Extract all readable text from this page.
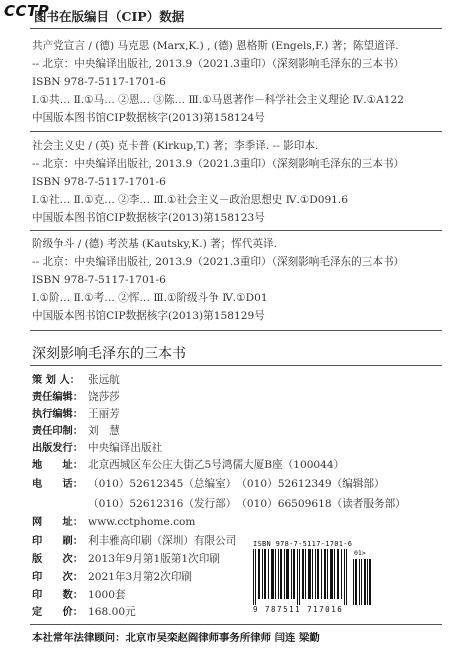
CCTP
图书在版编目（CIP）数据
共产党宣言 / (德) 马克思 (Marx,K.) , (德) 恩格斯 (Engels,F.) 著；陈望道译.
-- 北京：中央编译出版社, 2013.9（2021.3重印）（深刻影响毛泽东的三本书）
ISBN 978-7-5117-1701-6
Ⅰ.①共… Ⅱ.①马… ②恩… ③陈… Ⅲ.①马恩著作－科学社会主义理论 Ⅳ.①A122
中国版本图书馆CIP数据核字(2013)第158124号
社会主义史 / (英) 克卡普 (Kirkup,T.) 著；李季译. -- 影印本.
-- 北京：中央编译出版社, 2013.9（2021.3重印）（深刻影响毛泽东的三本书）
ISBN 978-7-5117-1701-6
Ⅰ.①社… Ⅱ.①克… ②李… Ⅲ.①社会主义－政治思想史 Ⅳ.①D091.6
中国版本图书馆CIP数据核字(2013)第158123号
阶级争斗 / (德) 考茨基 (Kautsky,K.) 著；恽代英译.
-- 北京：中央编译出版社, 2013.9（2021.3重印）（深刻影响毛泽东的三本书）
ISBN 978-7-5117-1701-6
Ⅰ.①阶… Ⅱ.①考… ②恽… Ⅲ.①阶级斗争 Ⅳ.①D01
中国版本图书馆CIP数据核字(2013)第158129号
深刻影响毛泽东的三本书
策 划 人： 张远航
责任编辑： 饶莎莎
执行编辑： 王丽芳
责任印制： 刘　慧
出版发行： 中央编译出版社
地　　址： 北京西城区车公庄大街乙5号鸿儒大厦B座（100044）
电　　话： （010）52612345（总编室）　（010）52612349（编辑部）
（010）52612316（发行部）　（010）66509618（读者服务部）
网　　址： www.cctphome.com
印　　刷： 利丰雅高印刷（深圳）有限公司
版　　次： 2013年9月第1版第1次印刷
印　　次： 2021年3月第2次印刷
印　　数： 1000套
定　　价： 168.00元
ISBN 978-7-5117-1701-6
01>
9 787511 717016
本社常年法律顾问：北京市吴栾赵阎律师事务所律师 闫连 梁勤
